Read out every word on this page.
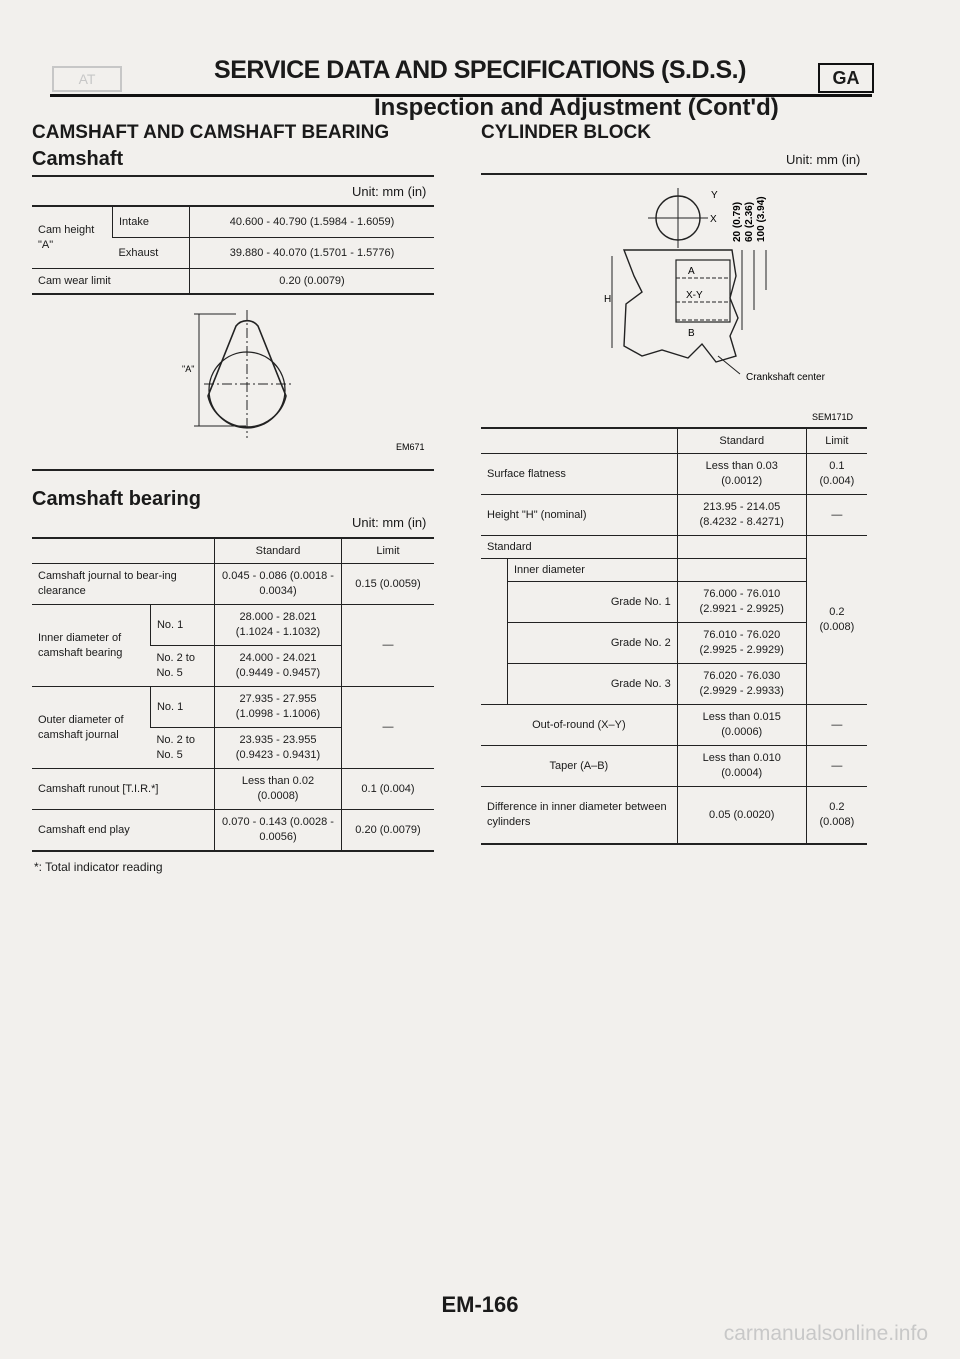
AT	SERVICE DATA AND SPECIFICATIONS (S.D.S.)	GA
Inspection and Adjustment (Cont'd)
CAMSHAFT AND CAMSHAFT BEARING
Camshaft
Unit: mm (in)
Cam height "A"	Intake	40.600 - 40.790 (1.5984 - 1.6059)
	Exhaust	39.880 - 40.070 (1.5701 - 1.5776)
Cam wear limit		0.20 (0.0079)
"A"
EM671
Camshaft bearing
Unit: mm (in)
		Standard	Limit
Camshaft journal to bear-ing clearance		0.045 - 0.086 (0.0018 - 0.0034)	0.15 (0.0059)
Inner diameter of camshaft bearing	No. 1	28.000 - 28.021 (1.1024 - 1.1032)	—
	No. 2 to No. 5	24.000 - 24.021 (0.9449 - 0.9457)	
Outer diameter of camshaft journal	No. 1	27.935 - 27.955 (1.0998 - 1.1006)	—
	No. 2 to No. 5	23.935 - 23.955 (0.9423 - 0.9431)	
Camshaft runout [T.I.R.*]		Less than 0.02 (0.0008)	0.1 (0.004)
Camshaft end play		0.070 - 0.143 (0.0028 - 0.0056)	0.20 (0.0079)
*: Total indicator reading
CYLINDER BLOCK
Unit: mm (in)
Y
X 20 (0.79) 60 (2.36) 100 (3.94)
H
A
X-Y
B
Crankshaft center
SEM171D
		Standard	Limit
Surface flatness		Less than 0.03 (0.0012)	0.1 (0.004)
Height "H" (nominal)		213.95 - 214.05 (8.4232 - 8.4271)	—
Standard			0.2 (0.008)
	Inner diameter		
	Grade No. 1	76.000 - 76.010 (2.9921 - 2.9925)	
	Grade No. 2	76.010 - 76.020 (2.9925 - 2.9929)	
	Grade No. 3	76.020 - 76.030 (2.9929 - 2.9933)	
Out-of-round (X–Y)		Less than 0.015 (0.0006)	—
Taper (A–B)		Less than 0.010 (0.0004)	—
Difference in inner diameter between cylinders		0.05 (0.0020)	0.2 (0.008)
EM-166
carmanualsonline.info
